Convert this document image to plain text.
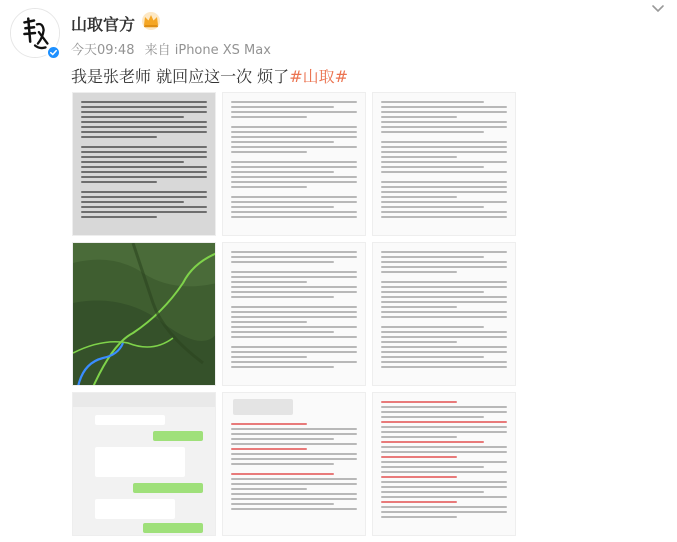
山取官方
今天09:48 来自 iPhone XS Max
我是张老师 就回应这一次 烦了#山取#
